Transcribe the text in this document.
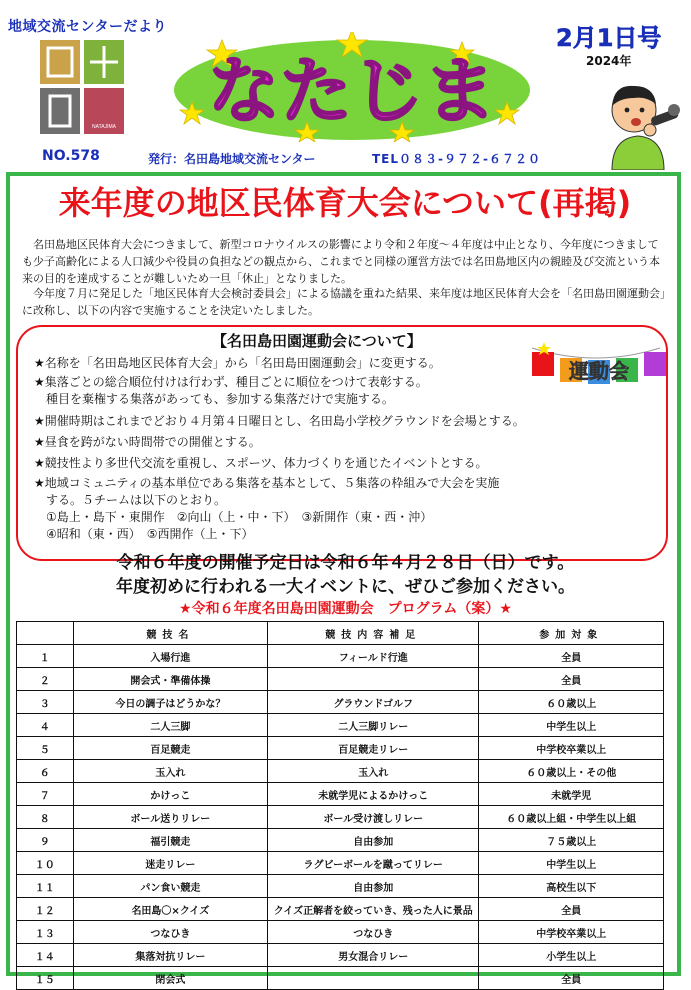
地域交流センターだより
NATAJIMA
NO.578
なたじま
発行：名田島地域交流センター	TEL０８３-９７２-６７２０
2月1日号
2024年
来年度の地区民体育大会について(再掲)
名田島地区民体育大会につきまして、新型コロナウイルスの影響により令和２年度～４年度は中止となり、今年度につきましても少子高齢化による人口減少や役員の負担などの観点から、これまでと同様の運営方法では名田島地区内の親睦及び交流という本来の目的を達成することが難しいため一旦「休止」となりました。
今年度７月に発足した「地区民体育大会検討委員会」による協議を重ねた結果、来年度は地区民体育大会を「名田島田園運動会」に改称し、以下の内容で実施することを決定いたしました。
【名田島田園運動会について】
運動会
★名称を「名田島地区民体育大会」から「名田島田園運動会」に変更する。
★集落ごとの総合順位付けは行わず、種目ごとに順位をつけて表彰する。
　種目を棄権する集落があっても、参加する集落だけで実施する。
★開催時期はこれまでどおり４月第４日曜日とし、名田島小学校グラウンドを会場とする。
★昼食を跨がない時間帯での開催とする。
★競技性より多世代交流を重視し、スポーツ、体力づくりを通じたイベントとする。
★地域コミュニティの基本単位である集落を基本として、５集落の枠組みで大会を実施
　する。５チームは以下のとおり。
　①島上・島下・東開作　②向山（上・中・下）　③新開作（東・西・沖）
　④昭和（東・西）　⑤西開作（上・下）
令和６年度の開催予定日は令和６年４月２８日（日）です。
年度初めに行われる一大イベントに、ぜひご参加ください。
★令和６年度名田島田園運動会　プログラム（案）★
	競技名	競技内容補足	参加対象
１	入場行進	フィールド行進	全員
２	開会式・準備体操		全員
３	今日の調子はどうかな？	グラウンドゴルフ	６０歳以上
４	二人三脚	二人三脚リレー	中学生以上
５	百足競走	百足競走リレー	中学校卒業以上
６	玉入れ	玉入れ	６０歳以上・その他
７	かけっこ	未就学児によるかけっこ	未就学児
８	ボール送りリレー	ボール受け渡しリレー	６０歳以上組・中学生以上組
９	福引競走	自由参加	７５歳以上
１０	迷走リレー	ラグビーボールを蹴ってリレー	中学生以上
１１	パン食い競走	自由参加	高校生以下
１２	名田島〇×クイズ	クイズ正解者を絞っていき、残った人に景品	全員
１３	つなひき	つなひき	中学校卒業以上
１４	集落対抗リレー	男女混合リレー	小学生以上
１５	閉会式		全員
